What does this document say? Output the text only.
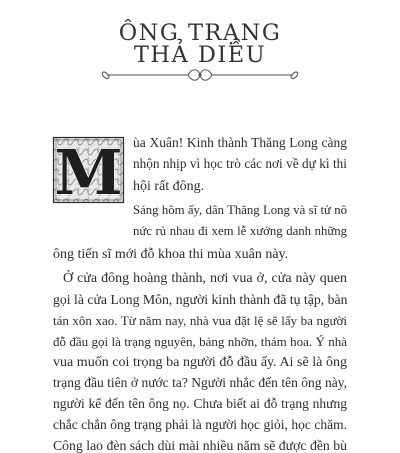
ÔNG TRẠNG
THẢ DIỀU
M ùa Xuân! Kinh thành Thăng Long càng
nhộn nhịp vì học trò các nơi về dự kì thi
hội rất đông.
Sáng hôm ấy, dân Thăng Long và sĩ tử nô
nức rủ nhau đi xem lễ xướng danh những
ông tiến sĩ mới đỗ khoa thi mùa xuân này.
Ở cửa đông hoàng thành, nơi vua ở, cửa này quen
gọi là cửa Long Môn, người kinh thành đã tụ tập, bàn
tán xôn xao. Từ năm nay, nhà vua đặt lệ sẽ lấy ba người
đỗ đầu gọi là trạng nguyên, bảng nhỡn, thám hoa. Ý nhà
vua muốn coi trọng ba người đỗ đầu ấy. Ai sẽ là ông
trạng đầu tiên ở nước ta? Người nhắc đến tên ông này,
người kể đến tên ông nọ. Chưa biết ai đỗ trạng nhưng
chắc chắn ông trạng phải là người học giỏi, học chăm.
Công lao đèn sách dùi mài nhiều năm sẽ được đền bù
